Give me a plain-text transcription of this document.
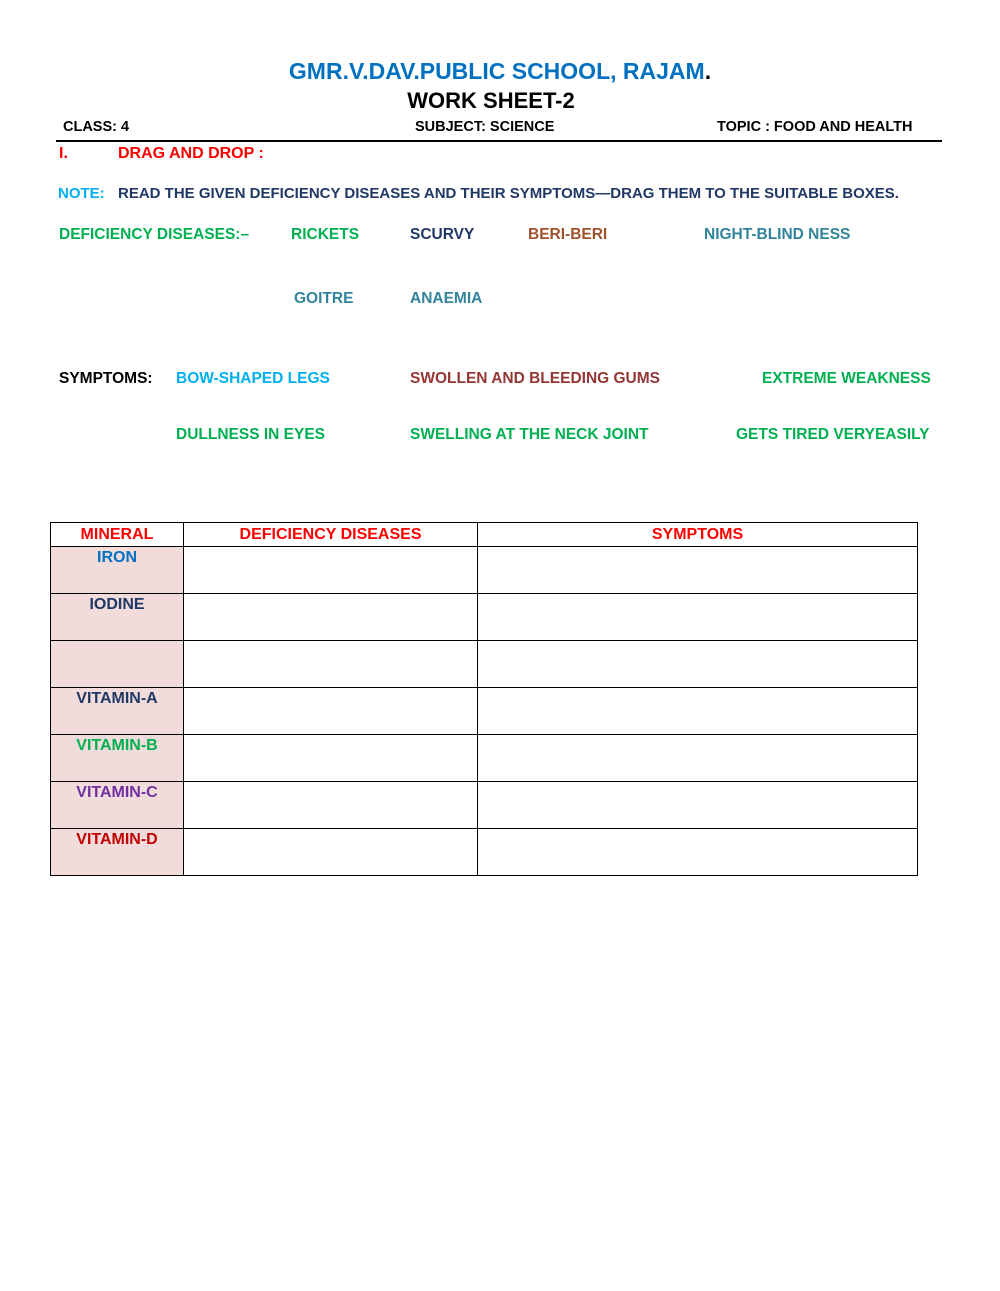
GMR.V.DAV.PUBLIC SCHOOL, RAJAM.
WORK SHEET-2
CLASS: 4	SUBJECT: SCIENCE	TOPIC : FOOD AND HEALTH
I.	DRAG AND DROP :
NOTE: READ THE GIVEN DEFICIENCY DISEASES AND THEIR SYMPTOMS—DRAG THEM TO THE SUITABLE BOXES.
DEFICIENCY DISEASES:–	RICKETS	SCURVY	BERI-BERI	NIGHT-BLIND NESS
GOITRE	ANAEMIA
SYMPTOMS: BOW-SHAPED LEGS	SWOLLEN AND BLEEDING GUMS	EXTREME WEAKNESS
DULLNESS IN EYES	SWELLING AT THE NECK JOINT	GETS TIRED VERYEASILY
MINERAL	DEFICIENCY DISEASES	SYMPTOMS
IRON		
IODINE		

VITAMIN-A		
VITAMIN-B		
VITAMIN-C		
VITAMIN-D		
